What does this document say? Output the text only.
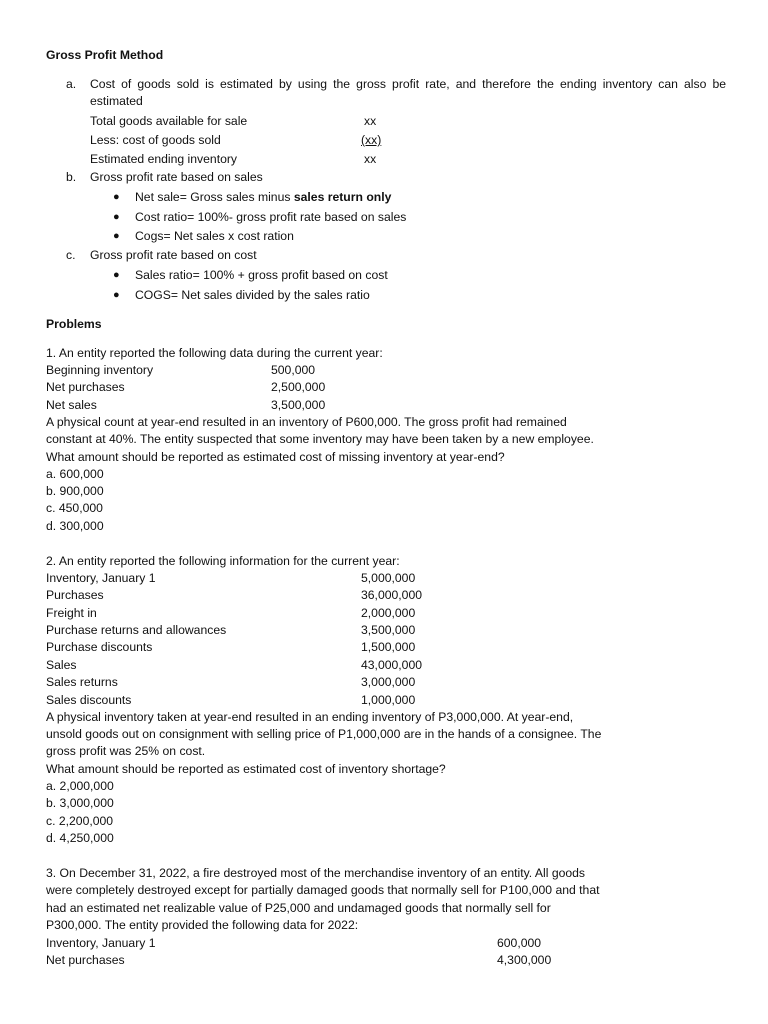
Gross Profit Method
a. Cost of goods sold is estimated by using the gross profit rate, and therefore the ending inventory can also be estimated
Total goods available for sale	xx
Less: cost of goods sold	(xx)
Estimated ending inventory	xx
b. Gross profit rate based on sales
● Net sale= Gross sales minus sales return only
● Cost ratio= 100%- gross profit rate based on sales
● Cogs= Net sales x cost ration
c. Gross profit rate based on cost
● Sales ratio= 100% + gross profit based on cost
● COGS= Net sales divided by the sales ratio
Problems
1. An entity reported the following data during the current year:
Beginning inventory	500,000
Net purchases	2,500,000
Net sales	3,500,000
A physical count at year-end resulted in an inventory of P600,000. The gross profit had remained
constant at 40%. The entity suspected that some inventory may have been taken by a new employee.
What amount should be reported as estimated cost of missing inventory at year-end?
a. 600,000
b. 900,000
c. 450,000
d. 300,000
2. An entity reported the following information for the current year:
Inventory, January 1	5,000,000
Purchases	36,000,000
Freight in	2,000,000
Purchase returns and allowances	3,500,000
Purchase discounts	1,500,000
Sales	43,000,000
Sales returns	3,000,000
Sales discounts	1,000,000
A physical inventory taken at year-end resulted in an ending inventory of P3,000,000. At year-end,
unsold goods out on consignment with selling price of P1,000,000 are in the hands of a consignee. The
gross profit was 25% on cost.
What amount should be reported as estimated cost of inventory shortage?
a. 2,000,000
b. 3,000,000
c. 2,200,000
d. 4,250,000
3. On December 31, 2022, a fire destroyed most of the merchandise inventory of an entity. All goods
were completely destroyed except for partially damaged goods that normally sell for P100,000 and that
had an estimated net realizable value of P25,000 and undamaged goods that normally sell for
P300,000. The entity provided the following data for 2022:
Inventory, January 1	600,000
Net purchases	4,300,000
